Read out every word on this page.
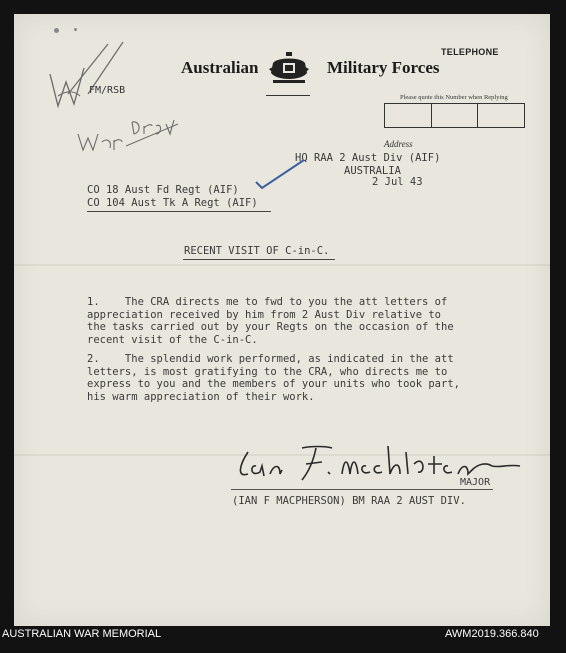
FM/RSB
Australian	Military Forces
TELEPHONE
Please quote this Number when Replying
Address
HQ RAA 2 Aust Div (AIF)
AUSTRALIA
2 Jul 43
CO 18 Aust Fd Regt (AIF)
CO 104 Aust Tk A Regt (AIF)
RECENT VISIT OF C-in-C.
1.    The CRA directs me to fwd to you the att letters of
appreciation received by him from 2 Aust Div relative to
the tasks carried out by your Regts on the occasion of the
recent visit of the C-in-C.
2.    The splendid work performed, as indicated in the att
letters, is most gratifying to the CRA, who directs me to
express to you and the members of your units who took part,
his warm appreciation of their work.
MAJOR
(IAN F MACPHERSON) BM RAA 2 AUST DIV.
AUSTRALIAN WAR MEMORIAL	AWM2019.366.840
